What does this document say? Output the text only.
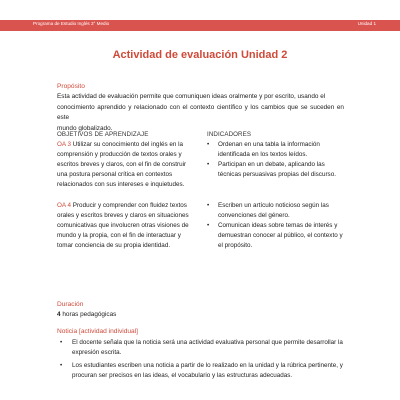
Programa de Estudio Inglés 3° Medio	Unidad 1
Actividad de evaluación Unidad 2
Propósito
Esta actividad de evaluación permite que comuniquen ideas oralmente y por escrito, usando el
conocimiento aprendido y relacionado con el contexto científico y los cambios que se suceden en este
mundo globalizado.
OBJETIVOS DE APRENDIZAJE	INDICADORES
OA 3 Utilizar su conocimiento del inglés en la
comprensión y producción de textos orales y
escritos breves y claros, con el fin de construir
una postura personal crítica en contextos
relacionados con sus intereses e inquietudes.
OA 4 Producir y comprender con fluidez textos
orales y escritos breves y claros en situaciones
comunicativas que involucren otras visiones de
mundo y la propia, con el fin de interactuar y
tomar conciencia de su propia identidad.
• Ordenan en una tabla la información
identificada en los textos leídos.
• Participan en un debate, aplicando las
técnicas persuasivas propias del discurso.
• Escriben un artículo noticioso según las
convenciones del género.
• Comunican ideas sobre temas de interés y
demuestran conocer al público, el contexto y
el propósito.
Duración
4 horas pedagógicas
Noticia [actividad individual]
• El docente señala que la noticia será una actividad evaluativa personal que permite desarrollar la
expresión escrita.
• Los estudiantes escriben una noticia a partir de lo realizado en la unidad y la rúbrica pertinente, y
procuran ser precisos en las ideas, el vocabulario y las estructuras adecuadas.
